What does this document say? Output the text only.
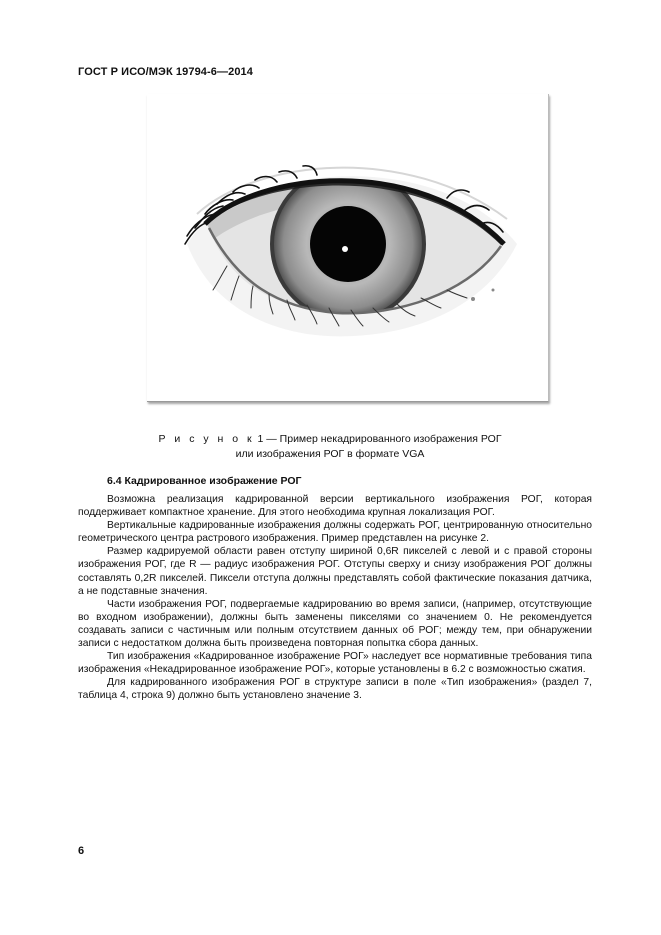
ГОСТ Р ИСО/МЭК 19794-6—2014
Р и с у н о к 1 — Пример некадрированного изображения РОГ
или изображения РОГ в формате VGA
6.4 Кадрированное изображение РОГ

Возможна реализация кадрированной версии вертикального изображения РОГ, которая поддерживает компактное хранение. Для этого необходима крупная локализация РОГ.

Вертикальные кадрированные изображения должны содержать РОГ, центрированную относительно геометрического центра растрового изображения. Пример представлен на рисунке 2.

Размер кадрируемой области равен отступу шириной 0,6R пикселей с левой и с правой стороны изображения РОГ, где R — радиус изображения РОГ. Отступы сверху и снизу изображения РОГ должны составлять 0,2R пикселей. Пиксели отступа должны представлять собой фактические показания датчика, а не подставные значения.

Части изображения РОГ, подвергаемые кадрированию во время записи, (например, отсутствующие во входном изображении), должны быть заменены пикселями со значением 0. Не рекомендуется создавать записи с частичным или полным отсутствием данных об РОГ; между тем, при обнаружении записи с недостатком должна быть произведена повторная попытка сбора данных.

Тип изображения «Кадрированное изображение РОГ» наследует все нормативные требования типа изображения «Некадрированное изображение РОГ», которые установлены в 6.2 с возможностью сжатия.

Для кадрированного изображения РОГ в структуре записи в поле «Тип изображения» (раздел 7, таблица 4, строка 9) должно быть установлено значение 3.

6
